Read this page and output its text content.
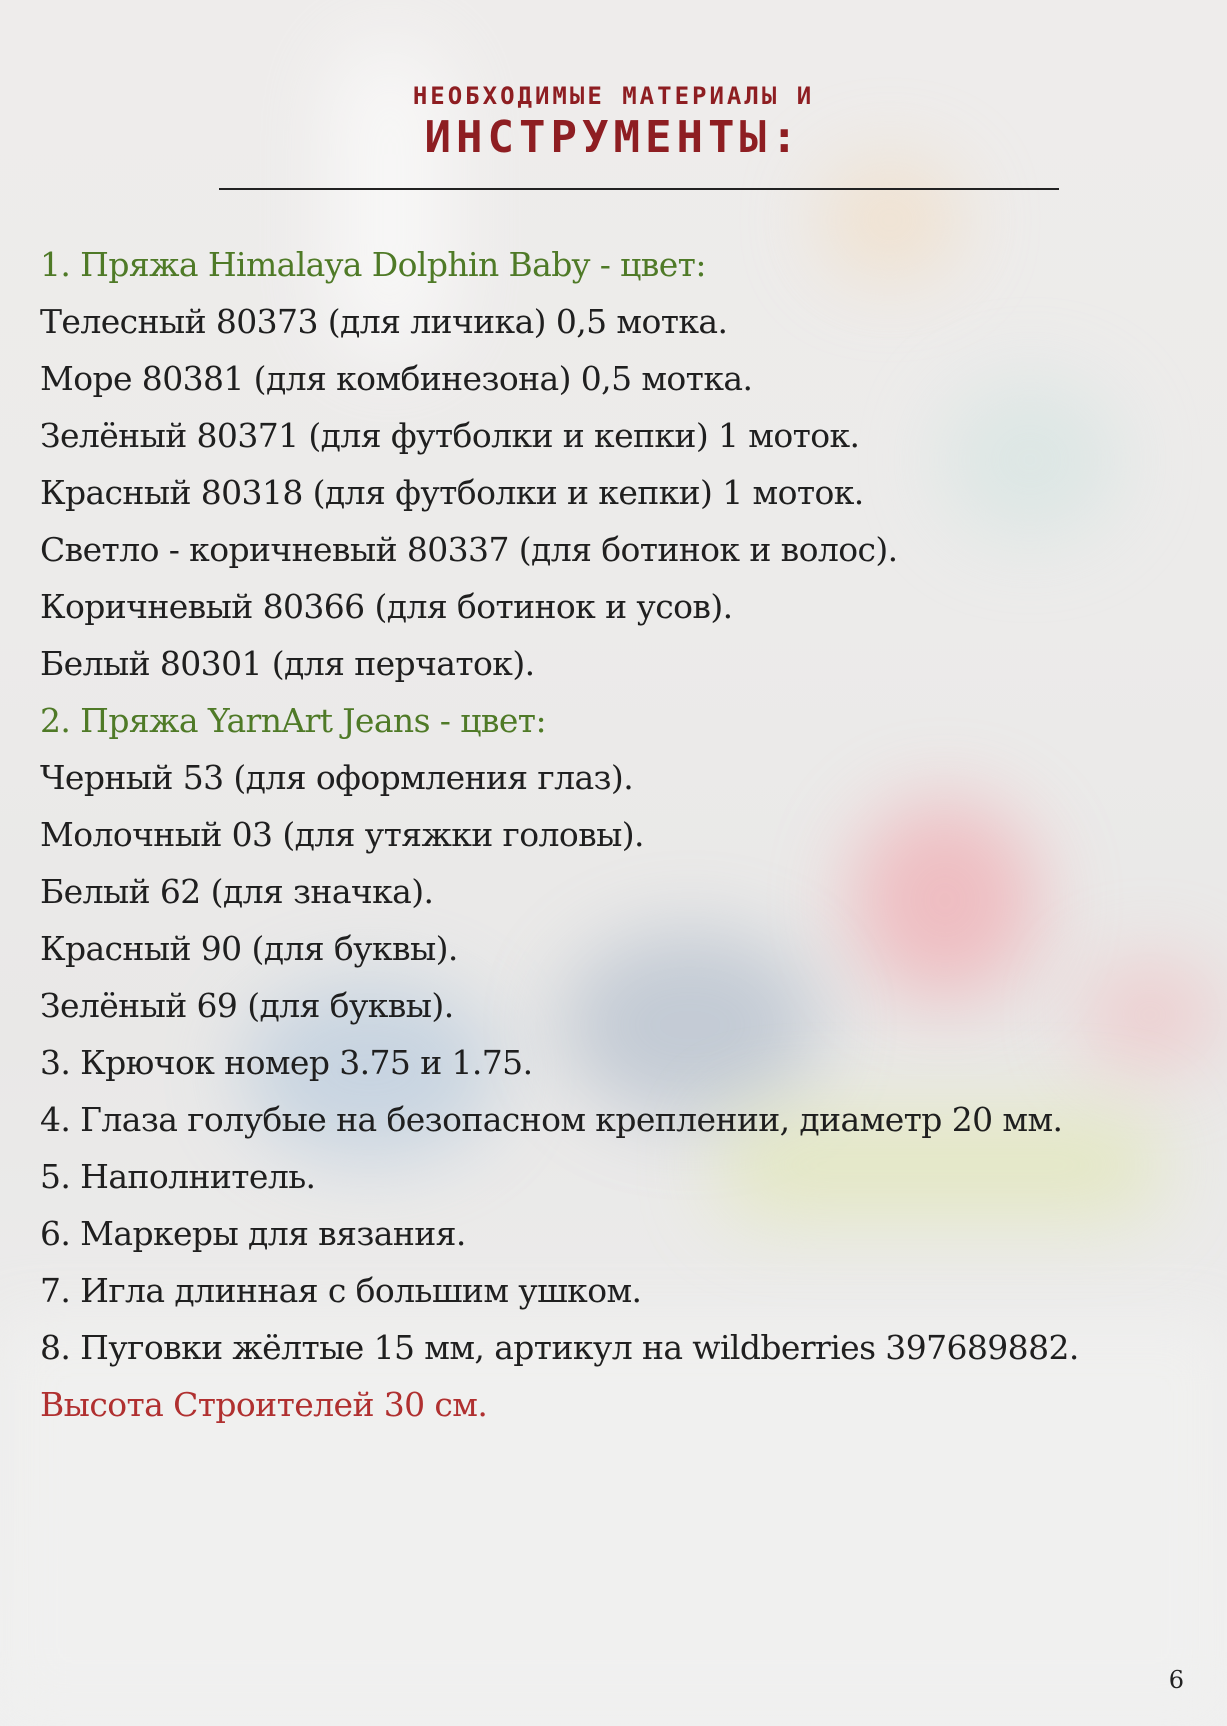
НЕОБХОДИМЫЕ МАТЕРИАЛЫ И
ИНСТРУМЕНТЫ:
1. Пряжа Himalaya Dolphin Baby - цвет:
Телесный 80373 (для личика) 0,5 мотка.
Море 80381 (для комбинезона) 0,5 мотка.
Зелёный 80371 (для футболки и кепки) 1 моток.
Красный 80318 (для футболки и кепки) 1 моток.
Светло - коричневый 80337 (для ботинок и волос).
Коричневый 80366 (для ботинок и усов).
Белый 80301 (для перчаток).
2. Пряжа YarnArt Jeans - цвет:
Черный 53 (для оформления глаз).
Молочный 03 (для утяжки головы).
Белый 62 (для значка).
Красный 90 (для буквы).
Зелёный 69 (для буквы).
3. Крючок номер 3.75 и 1.75.
4. Глаза голубые на безопасном креплении, диаметр 20 мм.
5. Наполнитель.
6. Маркеры для вязания.
7. Игла длинная с большим ушком.
8. Пуговки жёлтые 15 мм, артикул на wildberries 397689882.
Высота Строителей 30 см.
6
